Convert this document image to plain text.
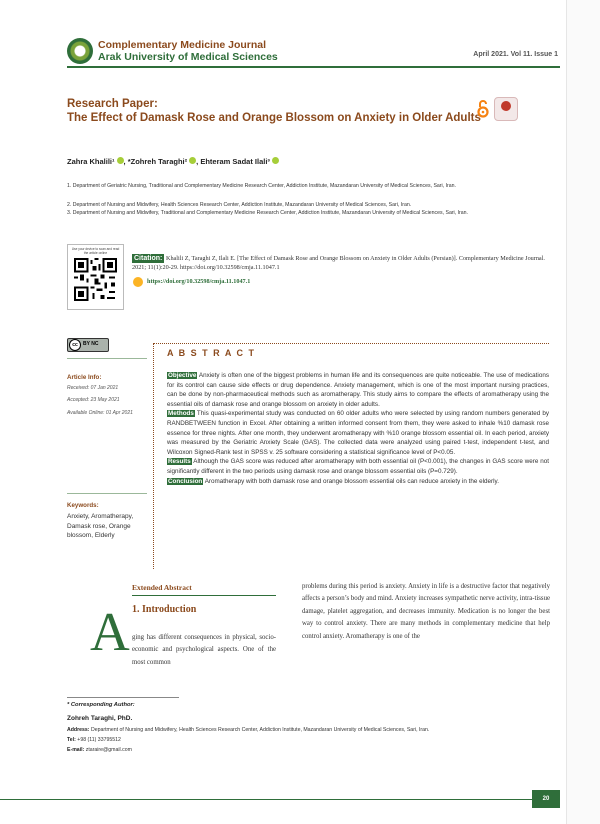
Complementary Medicine Journal
Arak University of Medical Sciences	April 2021. Vol 11. Issue 1
Research Paper:
The Effect of Damask Rose and Orange Blossom on Anxiety in Older Adults
Zahra Khalili¹ , *Zohreh Taraghi² , Ehteram Sadat Ilali³
1. Department of Geriatric Nursing, Traditional and Complementary Medicine Research Center, Addiction Institute, Mazandaran University of Medical Sciences, Sari, Iran.
2. Department of Nursing and Midwifery, Health Sciences Research Center, Addiction Institute, Mazandaran University of Medical Sciences, Sari, Iran.
3. Department of Nursing and Midwifery, Traditional and Complementary Medicine Research Center, Addiction Institute, Mazandaran University of Medical Sciences, Sari, Iran.
Use your device to scan and read the article online
Khalili Z, Taraghi Z, Ilali E. [The Effect of Damask Rose and Orange Blossom on Anxiety in Older Adults (Persian)]. Complementary Medicine Journal. 2021; 11(1):20-29. https://doi.org/10.32598/cmja.11.1047.1
Citation:
https://doi.org/10.32598/cmja.11.1047.1
cc	BY NC
Article Info:
Received: 07 Jan 2021
Accepted: 23 May 2021
Available Online: 01 Apr 2021
Keywords:
Anxiety, Aromatherapy, Damask rose, Orange blossom, Elderly
A B S T R A C T

Objective Anxiety is often one of the biggest problems in human life and its consequences are quite noticeable. The use of medications for its control can cause side effects or drug dependence. Anxiety management, which is one of the most important nursing practices, can be done by non-pharmaceutical methods such as aromatherapy. This study aims to compare the effects of aromatherapy using the essential oils of damask rose and orange blossom on anxiety in older adults.

Methods This quasi-experimental study was conducted on 60 older adults who were selected by using random numbers generated by RANDBETWEEN function in Excel. After obtaining a written informed consent from them, they were asked to inhale %10 damask rose essence for three nights. After one month, they underwent aromatherapy with %10 orange blossom essential oil. In each period, anxiety was measured by the Geriatric Anxiety Scale (GAS). The collected data were analyzed using paired t-test, independent t-test, and Wilcoxon Signed-Rank test in SPSS v. 25 software considering a statistical significance level of P<0.05.

Results Although the GAS score was reduced after aromatherapy with both essential oil (P<0.001), the changes in GAS score were not significantly different in the two periods using damask rose and orange blossom essential oils (P=0.729).

Conclusion Aromatherapy with both damask rose and orange blossom essential oils can reduce anxiety in the elderly.

Extended Abstract
A 1. Introduction
ging has different consequences in physical, socio-economic and psychological aspects. One of the most common
problems during this period is anxiety. Anxiety in life is a destructive factor that negatively affects a person’s body and mind. Anxiety increases sympathetic nerve activity, intra-tissue damage, platelet aggregation, and decreases immunity. Medication is no longer the best way to control anxiety. There are many methods in complementary medicine that help control anxiety. Aromatherapy is one of the
* Corresponding Author:
Zohreh Taraghi, PhD.
Address: Department of Nursing and Midwifery, Health Sciences Research Center, Addiction Institute, Mazandaran University of Medical Sciences, Sari, Iran.
Tel: +98 (11) 33795512
E-mail: ztaraire@gmail.com
20
